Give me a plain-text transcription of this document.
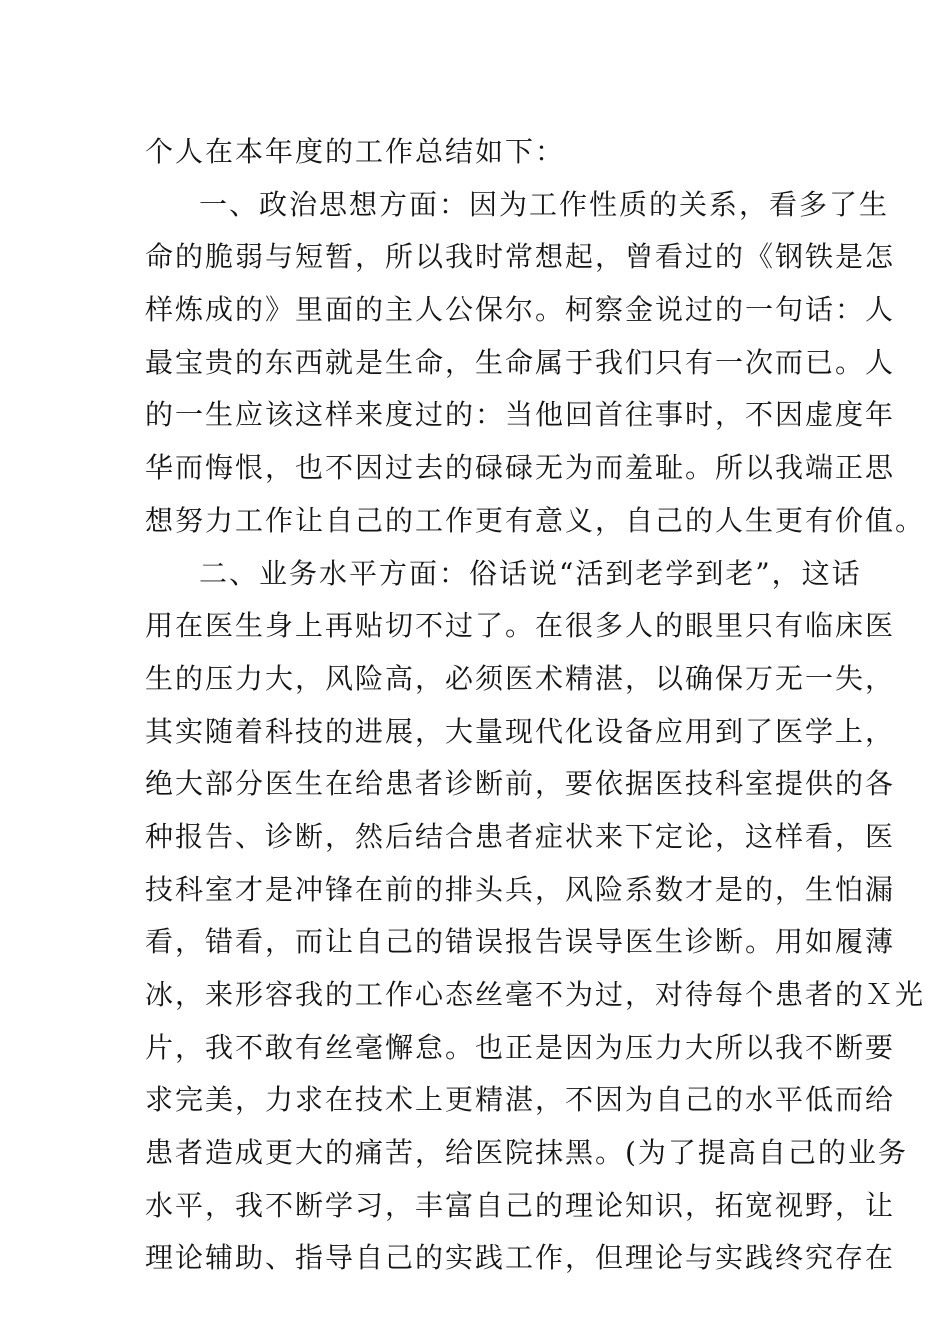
个人在本年度的工作总结如下：
一、政治思想方面：因为工作性质的关系，看多了生
命的脆弱与短暂，所以我时常想起，曾看过的《钢铁是怎
样炼成的》里面的主人公保尔。柯察金说过的一句话：人
最宝贵的东西就是生命，生命属于我们只有一次而已。人
的一生应该这样来度过的：当他回首往事时，不因虚度年
华而悔恨，也不因过去的碌碌无为而羞耻。所以我端正思
想努力工作让自己的工作更有意义，自己的人生更有价值。
二、业务水平方面：俗话说“活到老学到老”，这话
用在医生身上再贴切不过了。在很多人的眼里只有临床医
生的压力大，风险高，必须医术精湛，以确保万无一失，
其实随着科技的进展，大量现代化设备应用到了医学上，
绝大部分医生在给患者诊断前，要依据医技科室提供的各
种报告、诊断，然后结合患者症状来下定论，这样看，医
技科室才是冲锋在前的排头兵，风险系数才是的，生怕漏
看，错看，而让自己的错误报告误导医生诊断。用如履薄
冰，来形容我的工作心态丝毫不为过，对待每个患者的Ｘ光
片，我不敢有丝毫懈怠。也正是因为压力大所以我不断要
求完美，力求在技术上更精湛，不因为自己的水平低而给
患者造成更大的痛苦，给医院抹黑。(为了提高自己的业务
水平，我不断学习，丰富自己的理论知识，拓宽视野，让
理论辅助、指导自己的实践工作，但理论与实践终究存在
